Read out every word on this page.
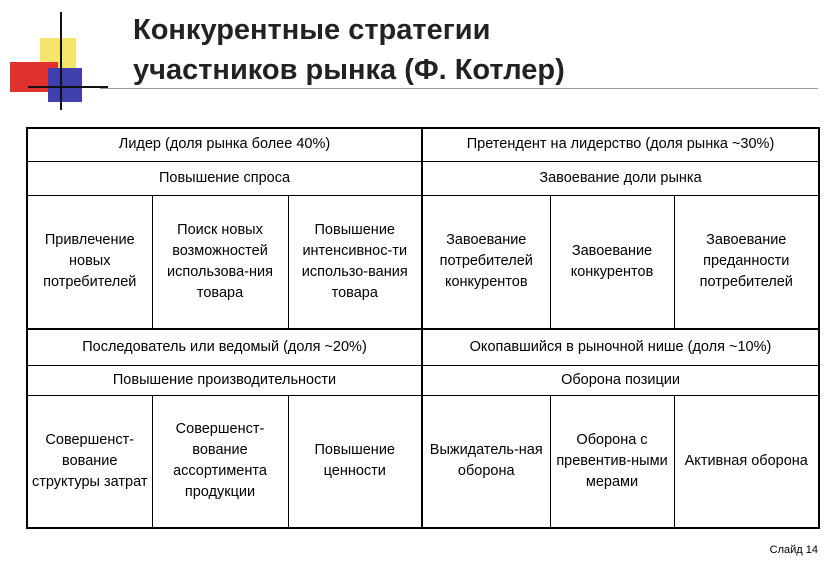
Конкурентные стратегии
участников рынка (Ф. Котлер)
Лидер (доля рынка более 40%)			Претендент на лидерство (доля рынка ~30%)		
Повышение спроса			Завоевание доли рынка		
Привлечение новых потребителей	Поиск новых возможностей использова-ния товара	Повышение интенсивнос-ти использо-вания товара	Завоевание потребителей конкурентов	Завоевание конкурентов	Завоевание преданности потребителей
Последователь или ведомый (доля ~20%)			Окопавшийся в рыночной нише (доля ~10%)		
Повышение производительности			Оборона позиции		
Совершенст-вование структуры затрат	Совершенст-вование ассортимента продукции	Повышение ценности	Выжидатель-ная оборона	Оборона с превентив-ными мерами	Активная оборона
Слайд 14
